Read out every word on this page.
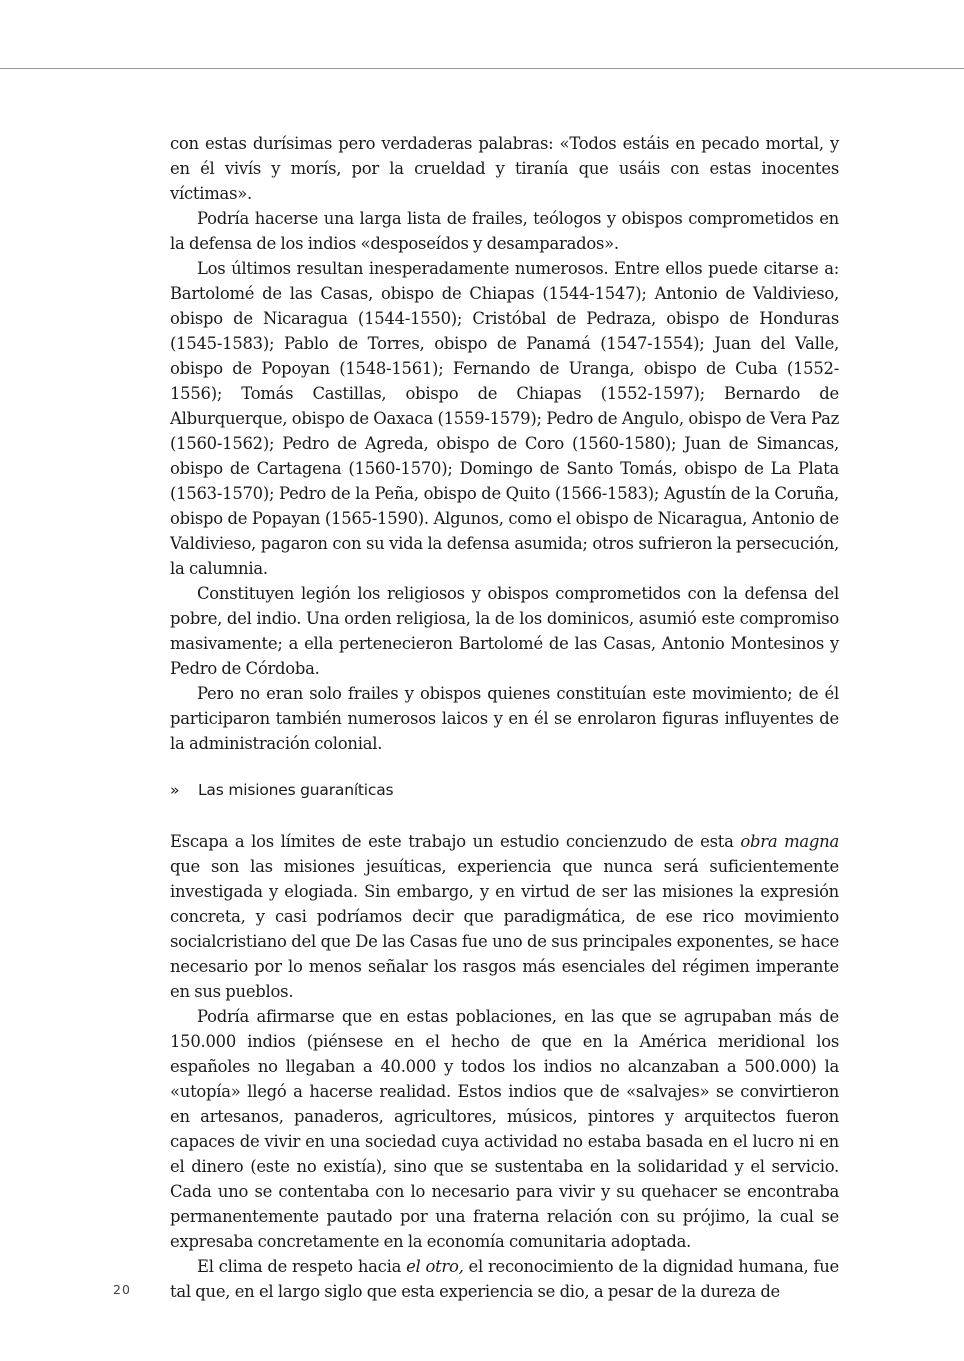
con estas durísimas pero verdaderas palabras: «Todos estáis en pecado mortal, y en él vivís y morís, por la crueldad y tiranía que usáis con estas inocentes víctimas».

Podría hacerse una larga lista de frailes, teólogos y obispos comprometidos en la defensa de los indios «desposeídos y desamparados».

Los últimos resultan inesperadamente numerosos. Entre ellos puede citarse a: Bartolomé de las Casas, obispo de Chiapas (1544-1547); Antonio de Valdivieso, obispo de Nicaragua (1544-1550); Cristóbal de Pedraza, obispo de Honduras (1545-1583); Pablo de Torres, obispo de Panamá (1547-1554); Juan del Valle, obispo de Popoyan (1548-1561); Fernando de Uranga, obispo de Cuba (1552-1556); Tomás Castillas, obispo de Chiapas (1552-1597); Bernardo de Alburquerque, obispo de Oaxaca (1559-1579); Pedro de Angulo, obispo de Vera Paz (1560-1562); Pedro de Agreda, obispo de Coro (1560-1580); Juan de Simancas, obispo de Cartagena (1560-1570); Domingo de Santo Tomás, obispo de La Plata (1563-1570); Pedro de la Peña, obispo de Quito (1566-1583); Agustín de la Coruña, obispo de Popayan (1565-1590). Algunos, como el obispo de Nicaragua, Antonio de Valdivieso, pagaron con su vida la defensa asumida; otros sufrieron la persecución, la calumnia.

Constituyen legión los religiosos y obispos comprometidos con la defensa del pobre, del indio. Una orden religiosa, la de los dominicos, asumió este compromiso masivamente; a ella pertenecieron Bartolomé de las Casas, Antonio Montesinos y Pedro de Córdoba.

Pero no eran solo frailes y obispos quienes constituían este movimiento; de él participaron también numerosos laicos y en él se enrolaron figuras influyentes de la administración colonial.

» Las misiones guaraníticas

Escapa a los límites de este trabajo un estudio concienzudo de esta obra magna que son las misiones jesuíticas, experiencia que nunca será suficientemente investigada y elogiada. Sin embargo, y en virtud de ser las misiones la expresión concreta, y casi podríamos decir que paradigmática, de ese rico movimiento socialcristiano del que De las Casas fue uno de sus principales exponentes, se hace necesario por lo menos señalar los rasgos más esenciales del régimen imperante en sus pueblos.

Podría afirmarse que en estas poblaciones, en las que se agrupaban más de 150.000 indios (piénsese en el hecho de que en la América meridional los españoles no llegaban a 40.000 y todos los indios no alcanzaban a 500.000) la «utopía» llegó a hacerse realidad. Estos indios que de «salvajes» se convirtieron en artesanos, panaderos, agricultores, músicos, pintores y arquitectos fueron capaces de vivir en una sociedad cuya actividad no estaba basada en el lucro ni en el dinero (este no existía), sino que se sustentaba en la solidaridad y el servicio. Cada uno se contentaba con lo necesario para vivir y su quehacer se encontraba permanentemente pautado por una fraterna relación con su prójimo, la cual se expresaba concretamente en la economía comunitaria adoptada.

El clima de respeto hacia el otro, el reconocimiento de la dignidad humana, fue tal que, en el largo siglo que esta experiencia se dio, a pesar de la dureza de

20
